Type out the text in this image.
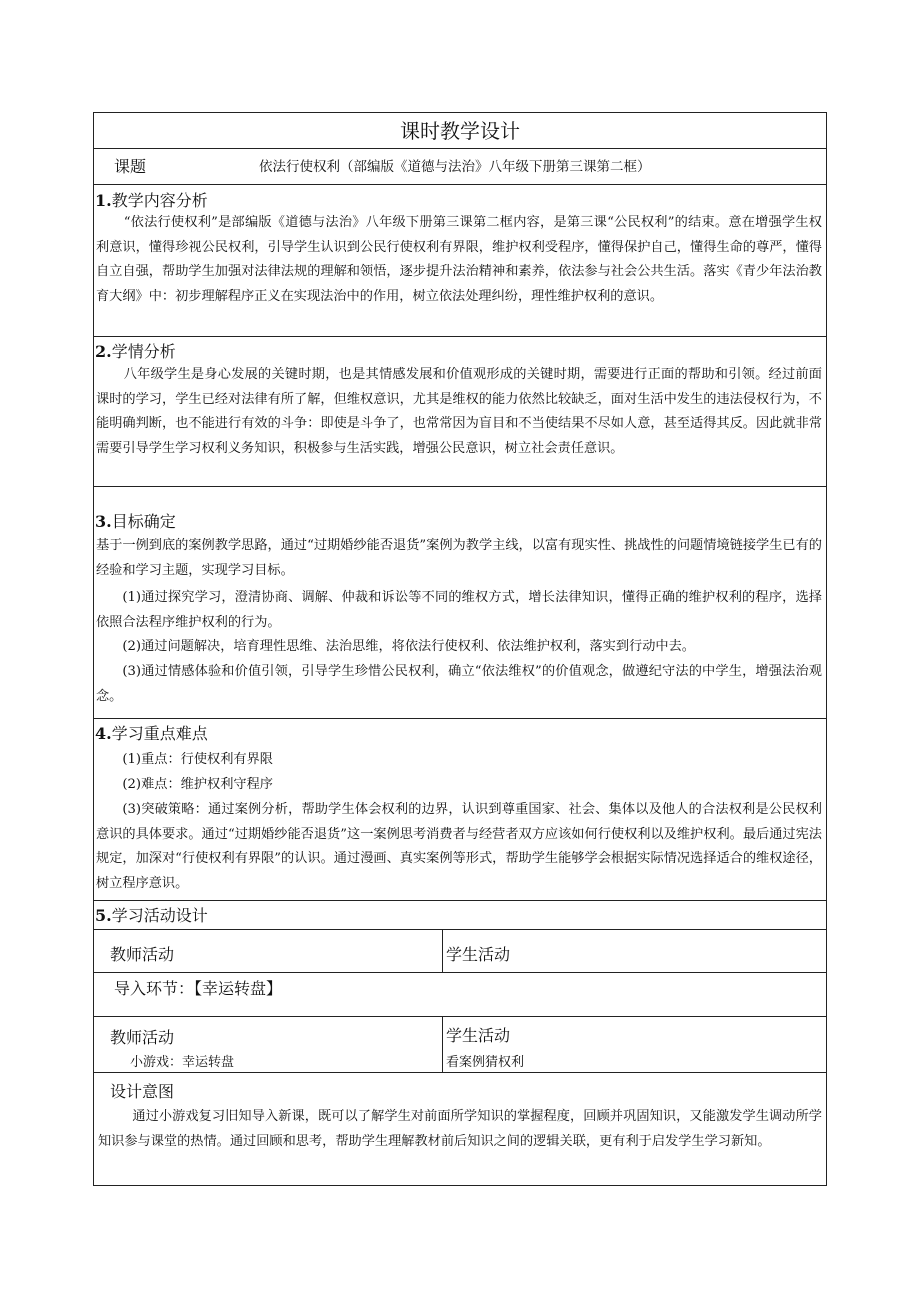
课时教学设计
课题	依法行使权利（部编版《道德与法治》八年级下册第三课第二框）
1.教学内容分析

“依法行使权利”是部编版《道德与法治》八年级下册第三课第二框内容，是第三课“公民权利”的结束。意在增强学生权利意识，懂得珍视公民权利，引导学生认识到公民行使权利有界限，维护权利受程序，懂得保护自己，懂得生命的尊严，懂得自立自强，帮助学生加强对法律法规的理解和领悟，逐步提升法治精神和素养，依法参与社会公共生活。落实《青少年法治教育大纲》中：初步理解程序正义在实现法治中的作用，树立依法处理纠纷，理性维护权利的意识。

2.学情分析

八年级学生是身心发展的关键时期，也是其情感发展和价值观形成的关键时期，需要进行正面的帮助和引领。经过前面课时的学习，学生已经对法律有所了解，但维权意识，尤其是维权的能力依然比较缺乏，面对生活中发生的违法侵权行为，不能明确判断，也不能进行有效的斗争：即使是斗争了，也常常因为盲目和不当使结果不尽如人意，甚至适得其反。因此就非常需要引导学生学习权利义务知识，积极参与生活实践，增强公民意识，树立社会责任意识。

3.目标确定

基于一例到底的案例教学思路，通过“过期婚纱能否退货”案例为教学主线，以富有现实性、挑战性的问题情境链接学生已有的经验和学习主题，实现学习目标。

(1)通过探究学习，澄清协商、调解、仲裁和诉讼等不同的维权方式，增长法律知识，懂得正确的维护权利的程序，选择依照合法程序维护权利的行为。

(2)通过问题解决，培育理性思维、法治思维，将依法行使权利、依法维护权利，落实到行动中去。

(3)通过情感体验和价值引领，引导学生珍惜公民权利，确立“依法维权”的价值观念，做遵纪守法的中学生，增强法治观念。

4.学习重点难点

(1)重点：行使权利有界限

(2)难点：维护权利守程序

(3)突破策略：通过案例分析，帮助学生体会权利的边界，认识到尊重国家、社会、集体以及他人的合法权利是公民权利意识的具体要求。通过“过期婚纱能否退货”这一案例思考消费者与经营者双方应该如何行使权利以及维护权利。最后通过宪法规定，加深对“行使权利有界限”的认识。通过漫画、真实案例等形式，帮助学生能够学会根据实际情况选择适合的维权途径，树立程序意识。

5.学习活动设计
教师活动	学生活动
导入环节：【幸运转盘】
教师活动
小游戏：幸运转盘
学生活动
看案例猜权利
设计意图

通过小游戏复习旧知导入新课，既可以了解学生对前面所学知识的掌握程度，回顾并巩固知识，又能激发学生调动所学知识参与课堂的热情。通过回顾和思考，帮助学生理解教材前后知识之间的逻辑关联，更有利于启发学生学习新知。
